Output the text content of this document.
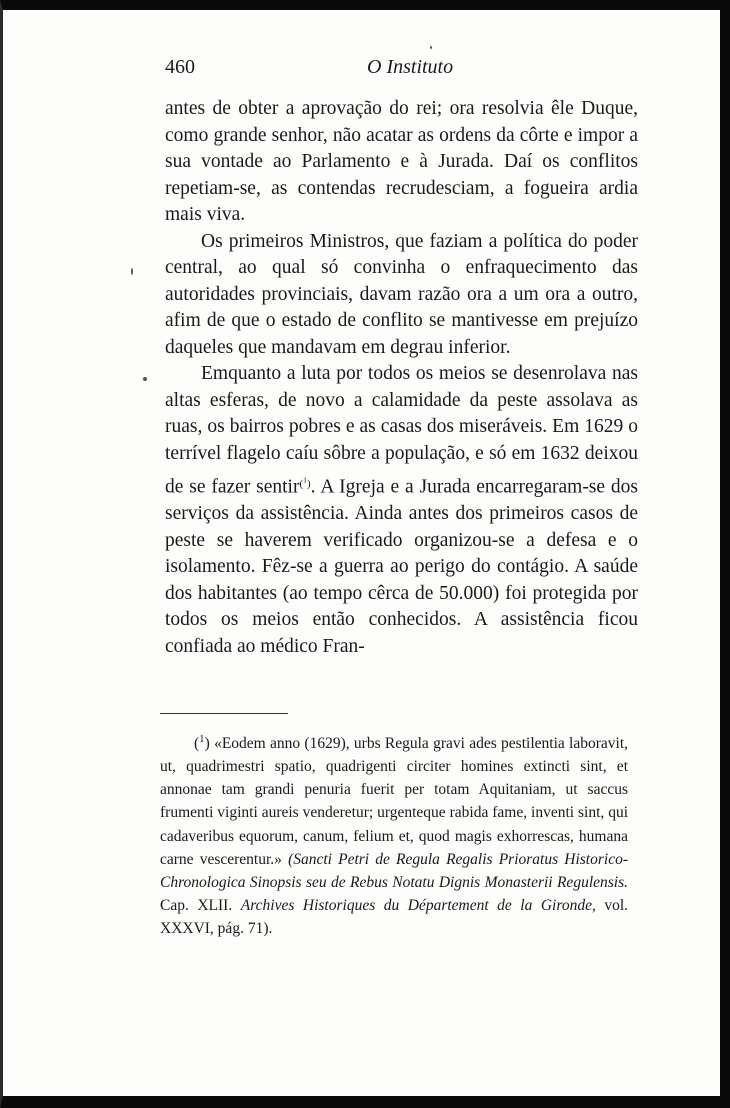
460	O Instituto

antes de obter a aprovação do rei; ora resolvia êle Duque, como grande senhor, não acatar as ordens da côrte e impor a sua vontade ao Parlamento e à Jurada. Daí os conflitos repetiam-se, as contendas recrudesciam, a fogueira ardia mais viva.

Os primeiros Ministros, que faziam a política do poder central, ao qual só convinha o enfraquecimento das autoridades provinciais, davam razão ora a um ora a outro, afim de que o estado de conflito se mantivesse em prejuízo daqueles que mandavam em degrau inferior.

Emquanto a luta por todos os meios se desenrolava nas altas esferas, de novo a calamidade da peste assolava as ruas, os bairros pobres e as casas dos miseráveis. Em 1629 o terrível flagelo caíu sôbre a população, e só em 1632 deixou de se fazer sentir$^{(^1)}$. A Igreja e a Jurada encarregaram-se dos serviços da assistência. Ainda antes dos primeiros casos de peste se haverem verificado organizou-se a defesa e o isolamento. Fêz-se a guerra ao perigo do contágio. A saúde dos habitantes (ao tempo cêrca de 50.000) foi protegida por todos os meios então conhecidos. A assistência ficou confiada ao médico Fran-

($^1$) «Eodem anno (1629), urbs Regula gravi ades pestilentia laboravit, ut, quadrimestri spatio, quadrigenti circiter homines extincti sint, et annonae tam grandi penuria fuerit per totam Aquitaniam, ut saccus frumenti viginti aureis venderetur; urgenteque rabida fame, inventi sint, qui cadaveribus equorum, canum, felium et, quod magis exhorrescas, humana carne vescerentur.» (Sancti Petri de Regula Regalis Prioratus Historico-Chronologica Sinopsis seu de Rebus Notatu Dignis Monasterii Regulensis. Cap. XLII. Archives Historiques du Département de la Gironde, vol. XXXVI, pág. 71).
